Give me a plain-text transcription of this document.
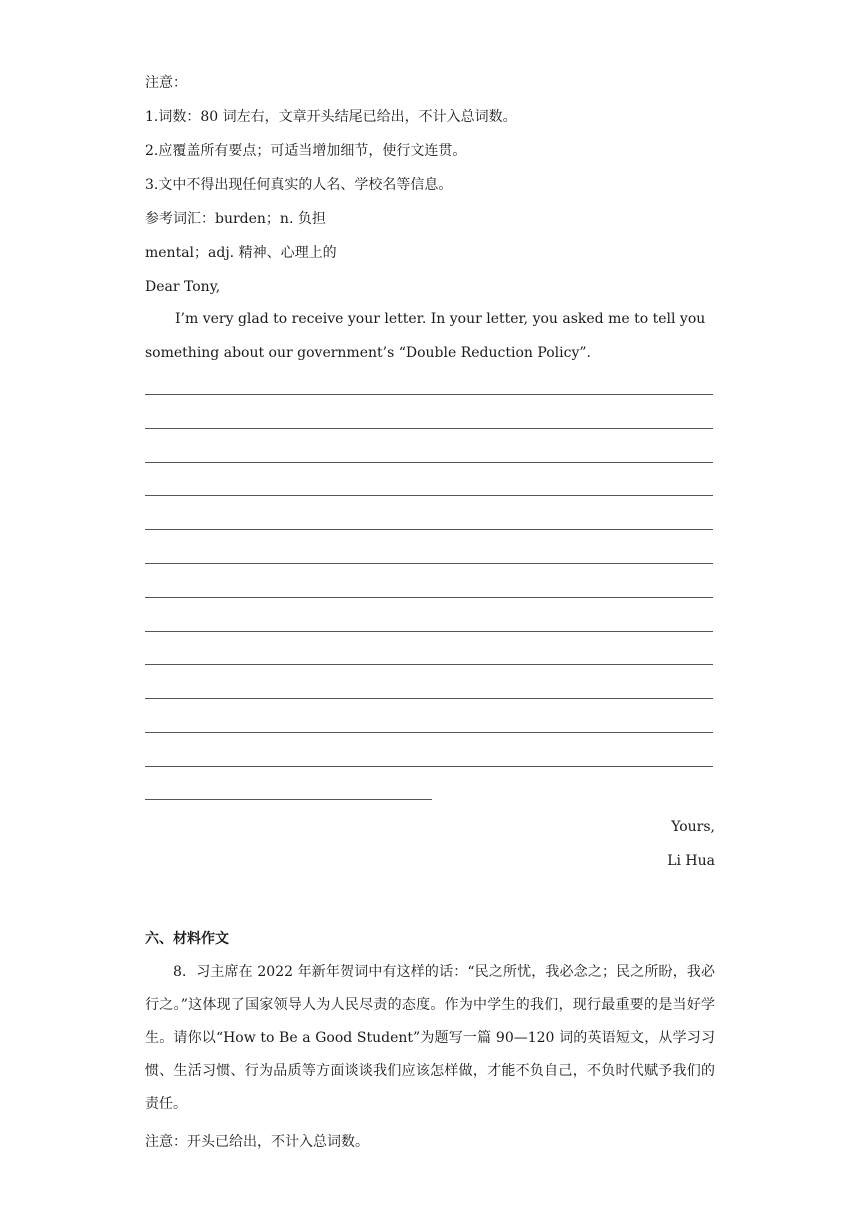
注意：
1.词数：80 词左右，文章开头结尾已给出，不计入总词数。
2.应覆盖所有要点；可适当增加细节，使行文连贯。
3.文中不得出现任何真实的人名、学校名等信息。
参考词汇：burden；n. 负担
mental；adj. 精神、心理上的
Dear Tony,
I’m very glad to receive your letter. In your letter, you asked me to tell you something about our government’s “Double Reduction Policy”.
Yours,
Li Hua
六、材料作文
8．习主席在 2022 年新年贺词中有这样的话：“民之所忧，我必念之；民之所盼，我必行之。”这体现了国家领导人为人民尽责的态度。作为中学生的我们，现行最重要的是当好学生。请你以“How to Be a Good Student”为题写一篇 90—120 词的英语短文，从学习习惯、生活习惯、行为品质等方面谈谈我们应该怎样做，才能不负自己，不负时代赋予我们的责任。
注意：开头已给出，不计入总词数。
